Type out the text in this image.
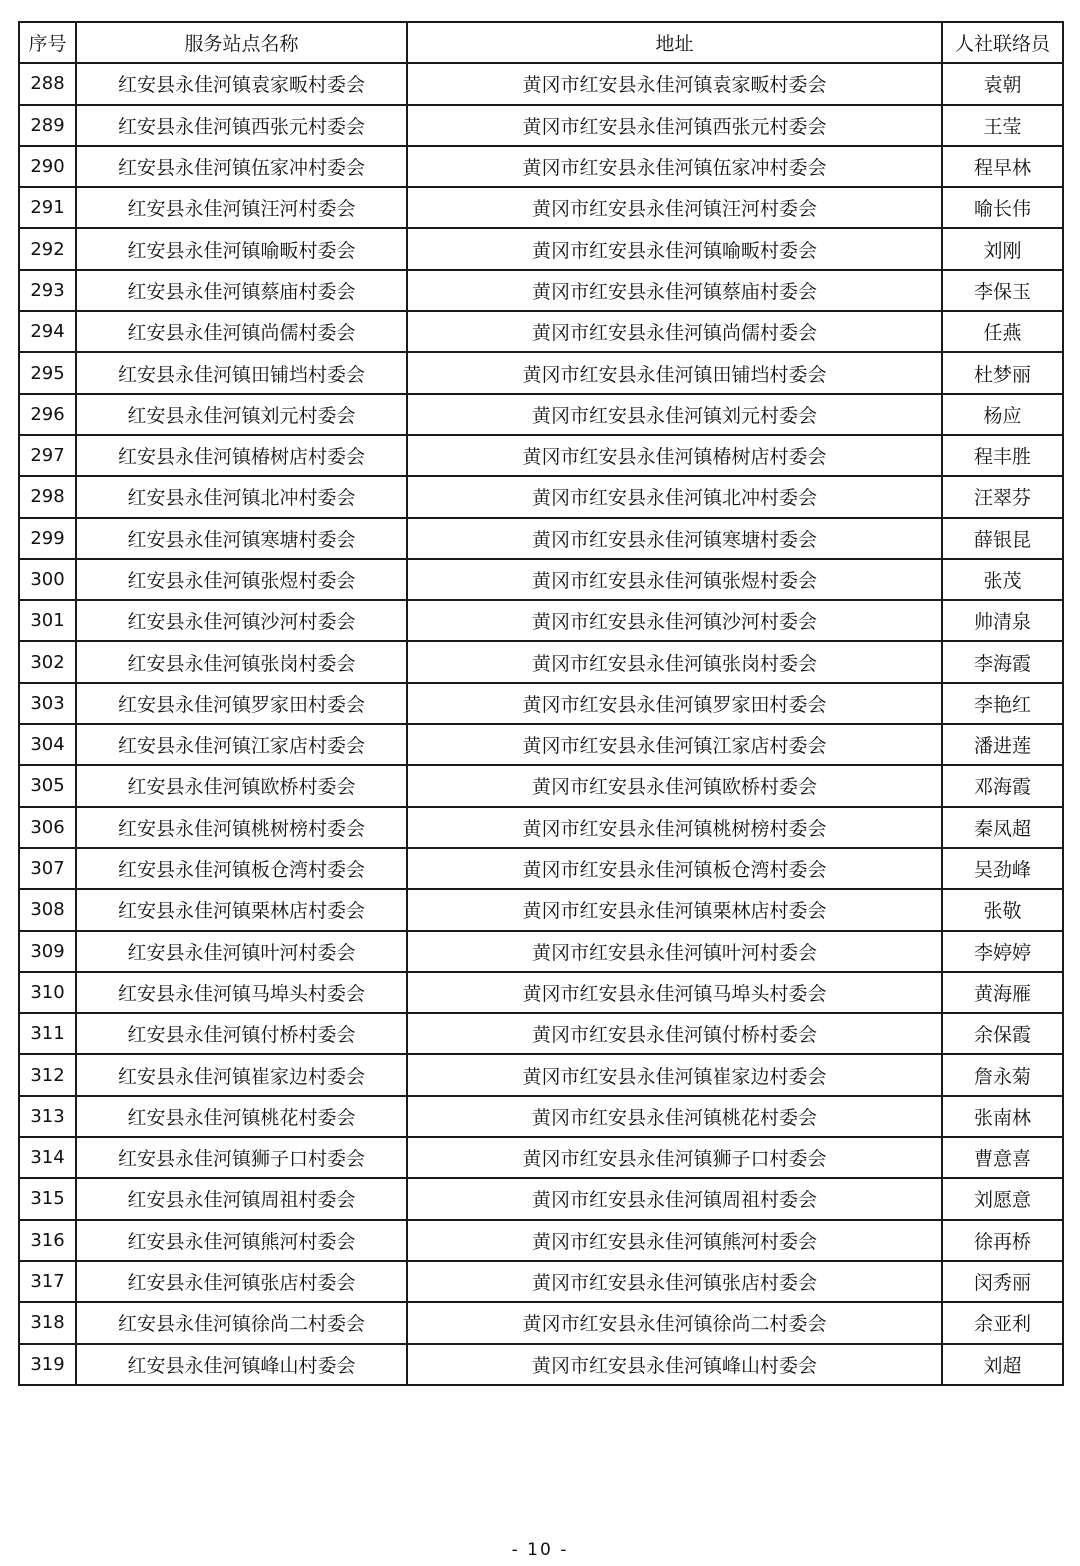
序号	服务站点名称	地址	人社联络员
288	红安县永佳河镇袁家畈村委会	黄冈市红安县永佳河镇袁家畈村委会	袁朝
289	红安县永佳河镇西张元村委会	黄冈市红安县永佳河镇西张元村委会	王莹
290	红安县永佳河镇伍家冲村委会	黄冈市红安县永佳河镇伍家冲村委会	程早林
291	红安县永佳河镇汪河村委会	黄冈市红安县永佳河镇汪河村委会	喻长伟
292	红安县永佳河镇喻畈村委会	黄冈市红安县永佳河镇喻畈村委会	刘刚
293	红安县永佳河镇蔡庙村委会	黄冈市红安县永佳河镇蔡庙村委会	李保玉
294	红安县永佳河镇尚儒村委会	黄冈市红安县永佳河镇尚儒村委会	任燕
295	红安县永佳河镇田铺垱村委会	黄冈市红安县永佳河镇田铺垱村委会	杜梦丽
296	红安县永佳河镇刘元村委会	黄冈市红安县永佳河镇刘元村委会	杨应
297	红安县永佳河镇椿树店村委会	黄冈市红安县永佳河镇椿树店村委会	程丰胜
298	红安县永佳河镇北冲村委会	黄冈市红安县永佳河镇北冲村委会	汪翠芬
299	红安县永佳河镇寒塘村委会	黄冈市红安县永佳河镇寒塘村委会	薛银昆
300	红安县永佳河镇张煜村委会	黄冈市红安县永佳河镇张煜村委会	张茂
301	红安县永佳河镇沙河村委会	黄冈市红安县永佳河镇沙河村委会	帅清泉
302	红安县永佳河镇张岗村委会	黄冈市红安县永佳河镇张岗村委会	李海霞
303	红安县永佳河镇罗家田村委会	黄冈市红安县永佳河镇罗家田村委会	李艳红
304	红安县永佳河镇江家店村委会	黄冈市红安县永佳河镇江家店村委会	潘进莲
305	红安县永佳河镇欧桥村委会	黄冈市红安县永佳河镇欧桥村委会	邓海霞
306	红安县永佳河镇桃树榜村委会	黄冈市红安县永佳河镇桃树榜村委会	秦凤超
307	红安县永佳河镇板仓湾村委会	黄冈市红安县永佳河镇板仓湾村委会	吴劲峰
308	红安县永佳河镇栗林店村委会	黄冈市红安县永佳河镇栗林店村委会	张敬
309	红安县永佳河镇叶河村委会	黄冈市红安县永佳河镇叶河村委会	李婷婷
310	红安县永佳河镇马埠头村委会	黄冈市红安县永佳河镇马埠头村委会	黄海雁
311	红安县永佳河镇付桥村委会	黄冈市红安县永佳河镇付桥村委会	余保霞
312	红安县永佳河镇崔家边村委会	黄冈市红安县永佳河镇崔家边村委会	詹永菊
313	红安县永佳河镇桃花村委会	黄冈市红安县永佳河镇桃花村委会	张南林
314	红安县永佳河镇狮子口村委会	黄冈市红安县永佳河镇狮子口村委会	曹意喜
315	红安县永佳河镇周祖村委会	黄冈市红安县永佳河镇周祖村委会	刘愿意
316	红安县永佳河镇熊河村委会	黄冈市红安县永佳河镇熊河村委会	徐再桥
317	红安县永佳河镇张店村委会	黄冈市红安县永佳河镇张店村委会	闵秀丽
318	红安县永佳河镇徐尚二村委会	黄冈市红安县永佳河镇徐尚二村委会	余亚利
319	红安县永佳河镇峰山村委会	黄冈市红安县永佳河镇峰山村委会	刘超
- 10 -
